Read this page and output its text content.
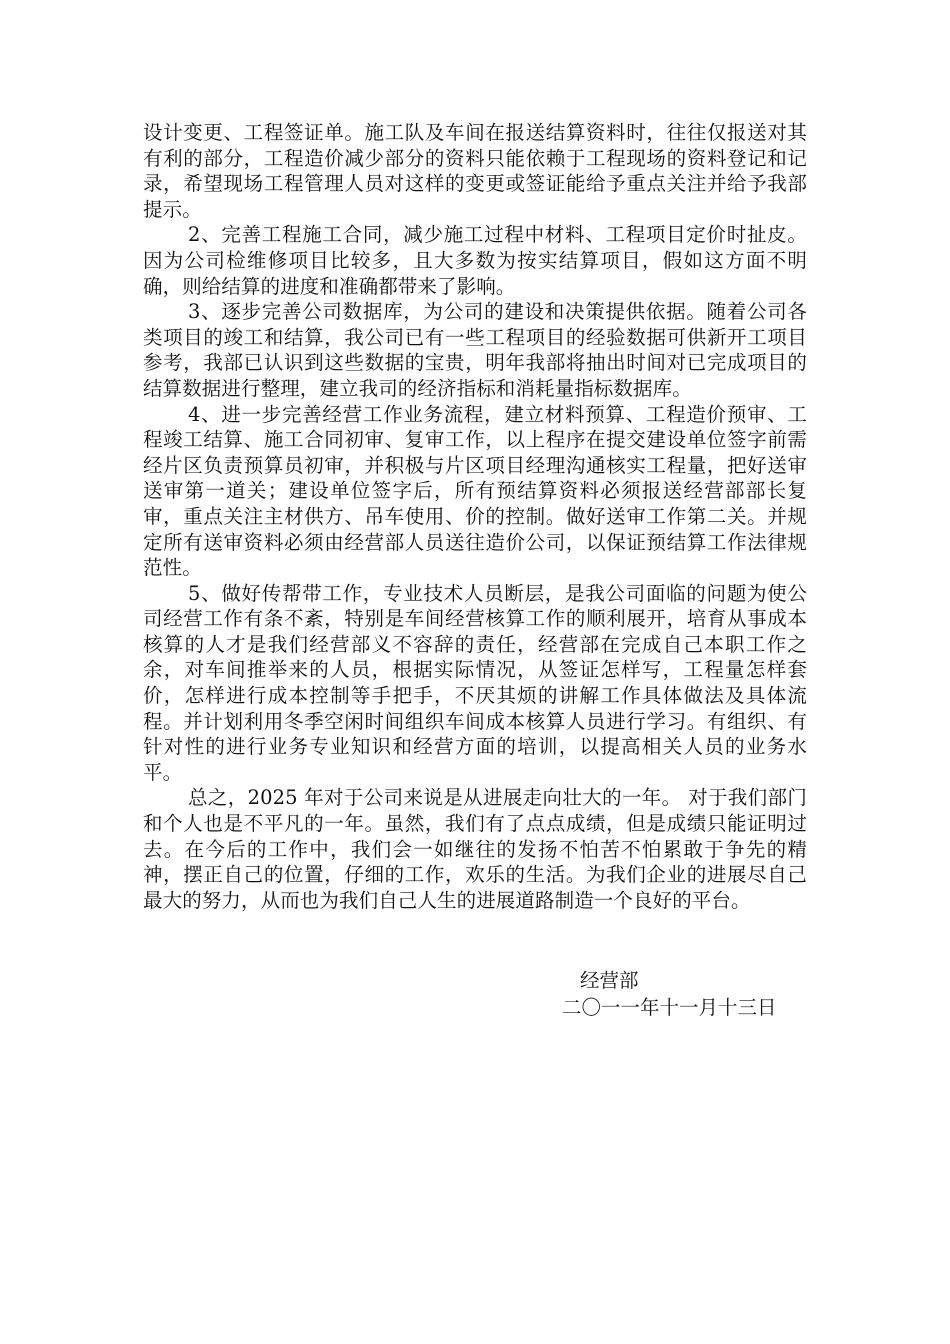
设计变更、工程签证单。施工队及车间在报送结算资料时，往往仅报送对其有利的部分，工程造价减少部分的资料只能依赖于工程现场的资料登记和记录，希望现场工程管理人员对这样的变更或签证能给予重点关注并给予我部提示。

2、完善工程施工合同，减少施工过程中材料、工程项目定价时扯皮。因为公司检维修项目比较多，且大多数为按实结算项目，假如这方面不明确，则给结算的进度和准确都带来了影响。

3、逐步完善公司数据库，为公司的建设和决策提供依据。随着公司各类项目的竣工和结算，我公司已有一些工程项目的经验数据可供新开工项目参考，我部已认识到这些数据的宝贵，明年我部将抽出时间对已完成项目的结算数据进行整理，建立我司的经济指标和消耗量指标数据库。

4、进一步完善经营工作业务流程，建立材料预算、工程造价预审、工程竣工结算、施工合同初审、复审工作，以上程序在提交建设单位签字前需经片区负责预算员初审，并积极与片区项目经理沟通核实工程量，把好送审送审第一道关；建设单位签字后，所有预结算资料必须报送经营部部长复审，重点关注主材供方、吊车使用、价的控制。做好送审工作第二关。并规定所有送审资料必须由经营部人员送往造价公司，以保证预结算工作法律规范性。

5、做好传帮带工作，专业技术人员断层，是我公司面临的问题为使公司经营工作有条不紊，特别是车间经营核算工作的顺利展开，培育从事成本核算的人才是我们经营部义不容辞的责任，经营部在完成自己本职工作之余，对车间推举来的人员，根据实际情况，从签证怎样写，工程量怎样套价，怎样进行成本控制等手把手，不厌其烦的讲解工作具体做法及具体流程。并计划利用冬季空闲时间组织车间成本核算人员进行学习。有组织、有针对性的进行业务专业知识和经营方面的培训，以提高相关人员的业务水平。

总之，2025 年对于公司来说是从进展走向壮大的一年。 对于我们部门和个人也是不平凡的一年。虽然，我们有了点点成绩，但是成绩只能证明过去。在今后的工作中，我们会一如继往的发扬不怕苦不怕累敢于争先的精神，摆正自己的位置，仔细的工作，欢乐的生活。为我们企业的进展尽自己最大的努力，从而也为我们自己人生的进展道路制造一个良好的平台。

经营部
二〇一一年十一月十三日
